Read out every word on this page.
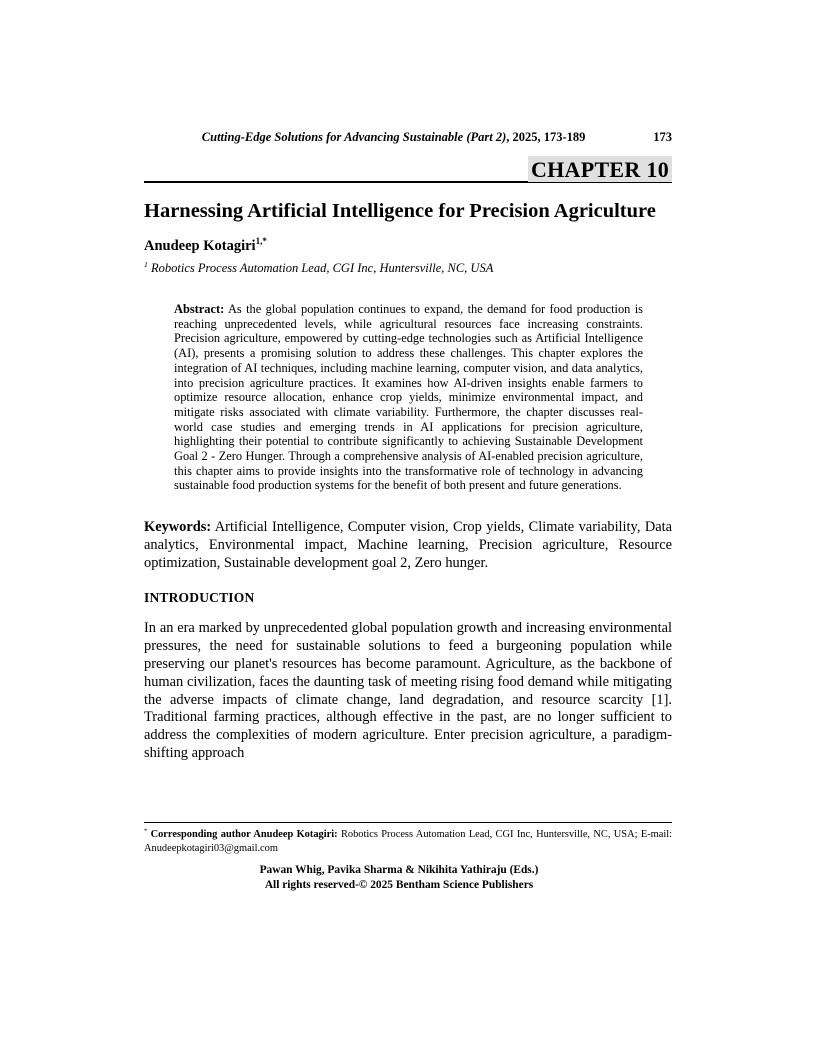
Cutting-Edge Solutions for Advancing Sustainable (Part 2), 2025, 173-189	173
CHAPTER 10
Harnessing Artificial Intelligence for Precision Agriculture
Anudeep Kotagiri$^{1,*}$
$^1$ Robotics Process Automation Lead, CGI Inc, Huntersville, NC, USA

Abstract: As the global population continues to expand, the demand for food production is reaching unprecedented levels, while agricultural resources face increasing constraints. Precision agriculture, empowered by cutting-edge technologies such as Artificial Intelligence (AI), presents a promising solution to address these challenges. This chapter explores the integration of AI techniques, including machine learning, computer vision, and data analytics, into precision agriculture practices. It examines how AI-driven insights enable farmers to optimize resource allocation, enhance crop yields, minimize environmental impact, and mitigate risks associated with climate variability. Furthermore, the chapter discusses real-world case studies and emerging trends in AI applications for precision agriculture, highlighting their potential to contribute significantly to achieving Sustainable Development Goal 2 - Zero Hunger. Through a comprehensive analysis of AI-enabled precision agriculture, this chapter aims to provide insights into the transformative role of technology in advancing sustainable food production systems for the benefit of both present and future generations.

Keywords: Artificial Intelligence, Computer vision, Crop yields, Climate variability, Data analytics, Environmental impact, Machine learning, Precision agriculture, Resource optimization, Sustainable development goal 2, Zero hunger.

INTRODUCTION

In an era marked by unprecedented global population growth and increasing environmental pressures, the need for sustainable solutions to feed a burgeoning population while preserving our planet's resources has become paramount. Agriculture, as the backbone of human civilization, faces the daunting task of meeting rising food demand while mitigating the adverse impacts of climate change, land degradation, and resource scarcity [1]. Traditional farming practices, although effective in the past, are no longer sufficient to address the complexities of modern agriculture. Enter precision agriculture, a paradigm-shifting approach

* Corresponding author Anudeep Kotagiri: Robotics Process Automation Lead, CGI Inc, Huntersville, NC, USA; E-mail: Anudeepkotagiri03@gmail.com
Pawan Whig, Pavika Sharma & Nikihita Yathiraju (Eds.)
All rights reserved-© 2025 Bentham Science Publishers
